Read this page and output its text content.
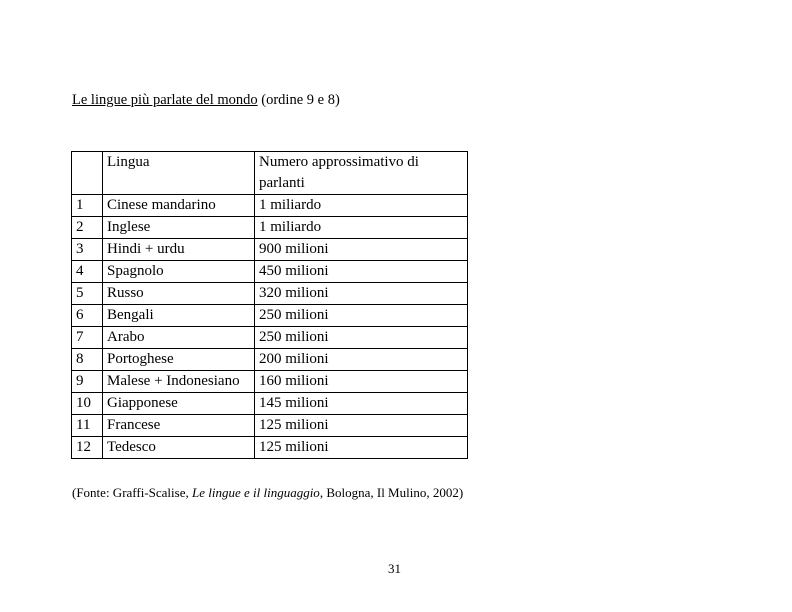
Le lingue più parlate del mondo (ordine 9 e 8)
	Lingua	Numero approssimativo di parlanti
1	Cinese mandarino	1 miliardo
2	Inglese	1 miliardo
3	Hindi + urdu	900 milioni
4	Spagnolo	450 milioni
5	Russo	320 milioni
6	Bengali	250 milioni
7	Arabo	250 milioni
8	Portoghese	200 milioni
9	Malese + Indonesiano	160 milioni
10	Giapponese	145 milioni
11	Francese	125 milioni
12	Tedesco	125 milioni
(Fonte: Graffi-Scalise, Le lingue e il linguaggio, Bologna, Il Mulino, 2002)
31
